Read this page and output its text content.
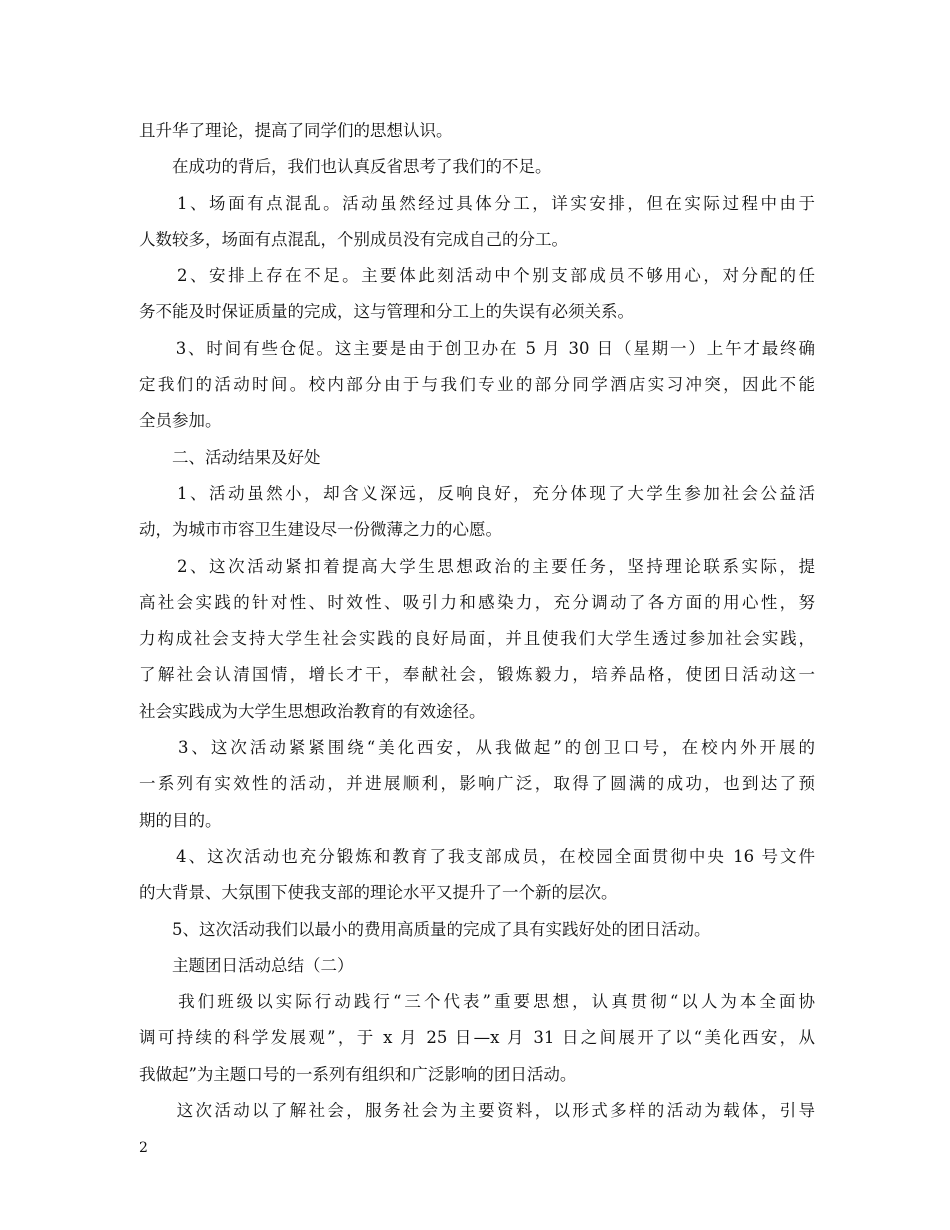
且升华了理论，提高了同学们的思想认识。
　　在成功的背后，我们也认真反省思考了我们的不足。
　　1、场面有点混乱。活动虽然经过具体分工，详实安排，但在实际过程中由于
人数较多，场面有点混乱，个别成员没有完成自己的分工。
　　2、安排上存在不足。主要体此刻活动中个别支部成员不够用心，对分配的任
务不能及时保证质量的完成，这与管理和分工上的失误有必须关系。
　　3、时间有些仓促。这主要是由于创卫办在 5 月 30 日（星期一）上午才最终确
定我们的活动时间。校内部分由于与我们专业的部分同学酒店实习冲突，因此不能
全员参加。
　　二、活动结果及好处
　　1、活动虽然小，却含义深远，反响良好，充分体现了大学生参加社会公益活
动，为城市市容卫生建设尽一份微薄之力的心愿。
　　2、这次活动紧扣着提高大学生思想政治的主要任务，坚持理论联系实际，提
高社会实践的针对性、时效性、吸引力和感染力，充分调动了各方面的用心性，努
力构成社会支持大学生社会实践的良好局面，并且使我们大学生透过参加社会实践，
了解社会认清国情，增长才干，奉献社会，锻炼毅力，培养品格，使团日活动这一
社会实践成为大学生思想政治教育的有效途径。
　　3、这次活动紧紧围绕“美化西安，从我做起”的创卫口号，在校内外开展的
一系列有实效性的活动，并进展顺利，影响广泛，取得了圆满的成功，也到达了预
期的目的。
　　4、这次活动也充分锻炼和教育了我支部成员，在校园全面贯彻中央 16 号文件
的大背景、大氛围下使我支部的理论水平又提升了一个新的层次。
　　5、这次活动我们以最小的费用高质量的完成了具有实践好处的团日活动。
　　主题团日活动总结（二）
　　我们班级以实际行动践行“三个代表”重要思想，认真贯彻“以人为本全面协
调可持续的科学发展观”，于 x 月 25 日—x 月 31 日之间展开了以“美化西安，从
我做起”为主题口号的一系列有组织和广泛影响的团日活动。
　　这次活动以了解社会，服务社会为主要资料，以形式多样的活动为载体，引导
2
